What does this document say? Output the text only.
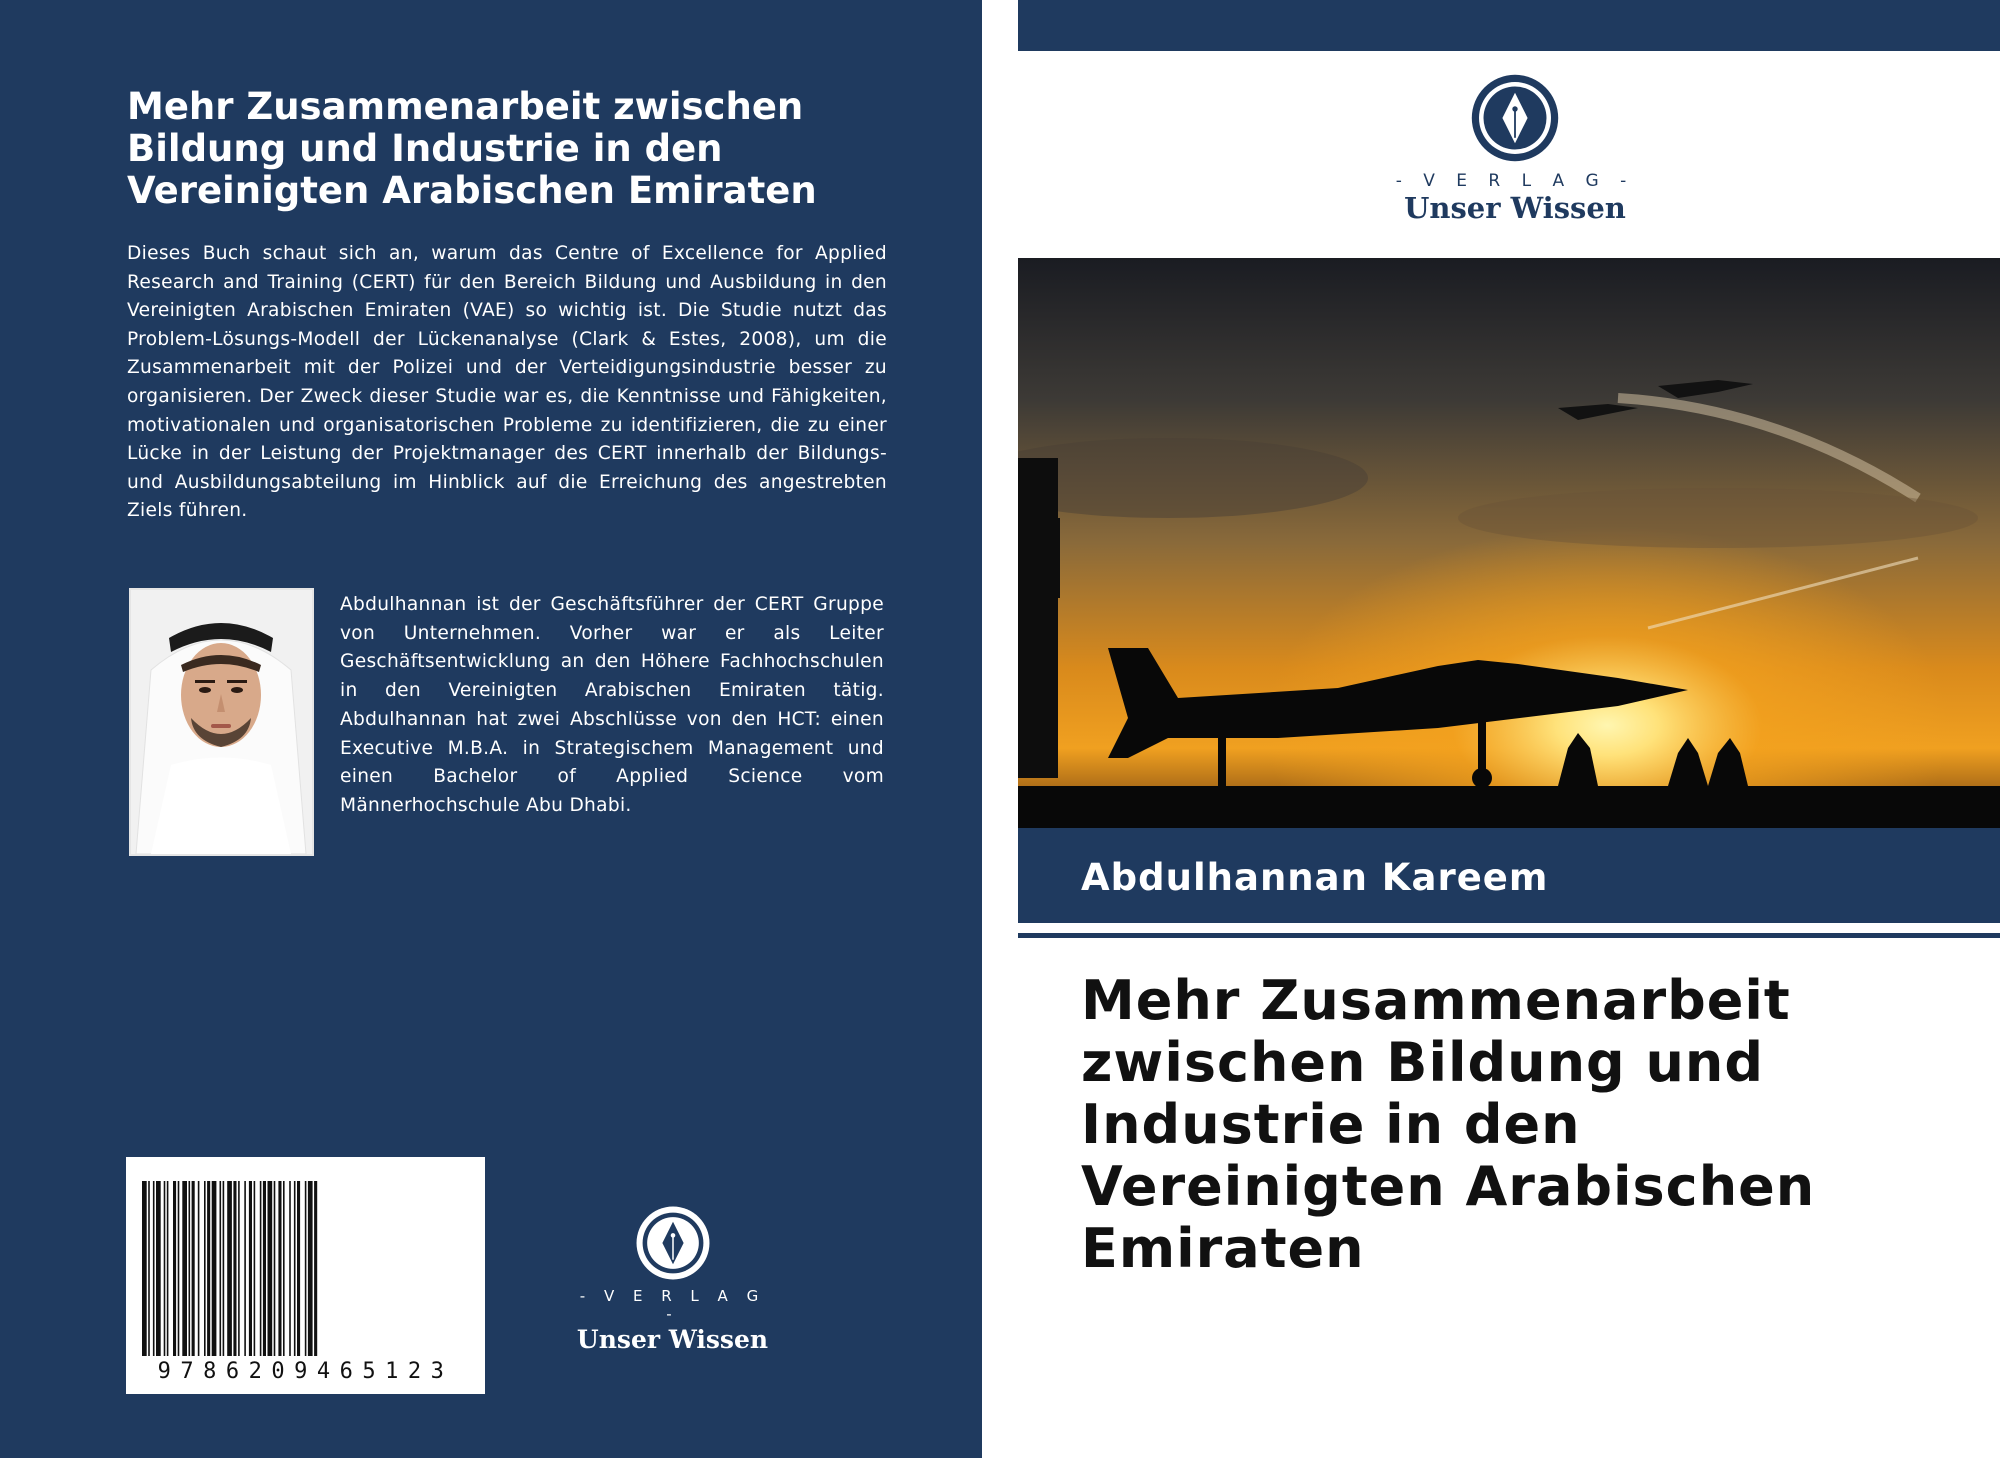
Mehr Zusammenarbeit zwischen Bildung und Industrie in den Vereinigten Arabischen Emiraten

Dieses Buch schaut sich an, warum das Centre of Excellence for Applied Research and Training (CERT) für den Bereich Bildung und Ausbildung in den Vereinigten Arabischen Emiraten (VAE) so wichtig ist. Die Studie nutzt das Problem-Lösungs-Modell der Lückenanalyse (Clark & Estes, 2008), um die Zusammenarbeit mit der Polizei und der Verteidigungsindustrie besser zu organisieren. Der Zweck dieser Studie war es, die Kenntnisse und Fähigkeiten, motivationalen und organisatorischen Probleme zu identifizieren, die zu einer Lücke in der Leistung der Projektmanager des CERT innerhalb der Bildungs- und Ausbildungsabteilung im Hinblick auf die Erreichung des angestrebten Ziels führen.

Abdulhannan ist der Geschäftsführer der CERT Gruppe von Unternehmen. Vorher war er als Leiter Geschäftsentwicklung an den Höhere Fachhochschulen in den Vereinigten Arabischen Emiraten tätig. Abdulhannan hat zwei Abschlüsse von den HCT: einen Executive M.B.A. in Strategischem Management und einen Bachelor of Applied Science vom Männerhochschule Abu Dhabi.

9786209465123
- V E R L A G -
Unser Wissen
- V E R L A G -
Unser Wissen
Abdulhannan Kareem
Mehr Zusammenarbeit zwischen Bildung und Industrie in den Vereinigten Arabischen Emiraten
